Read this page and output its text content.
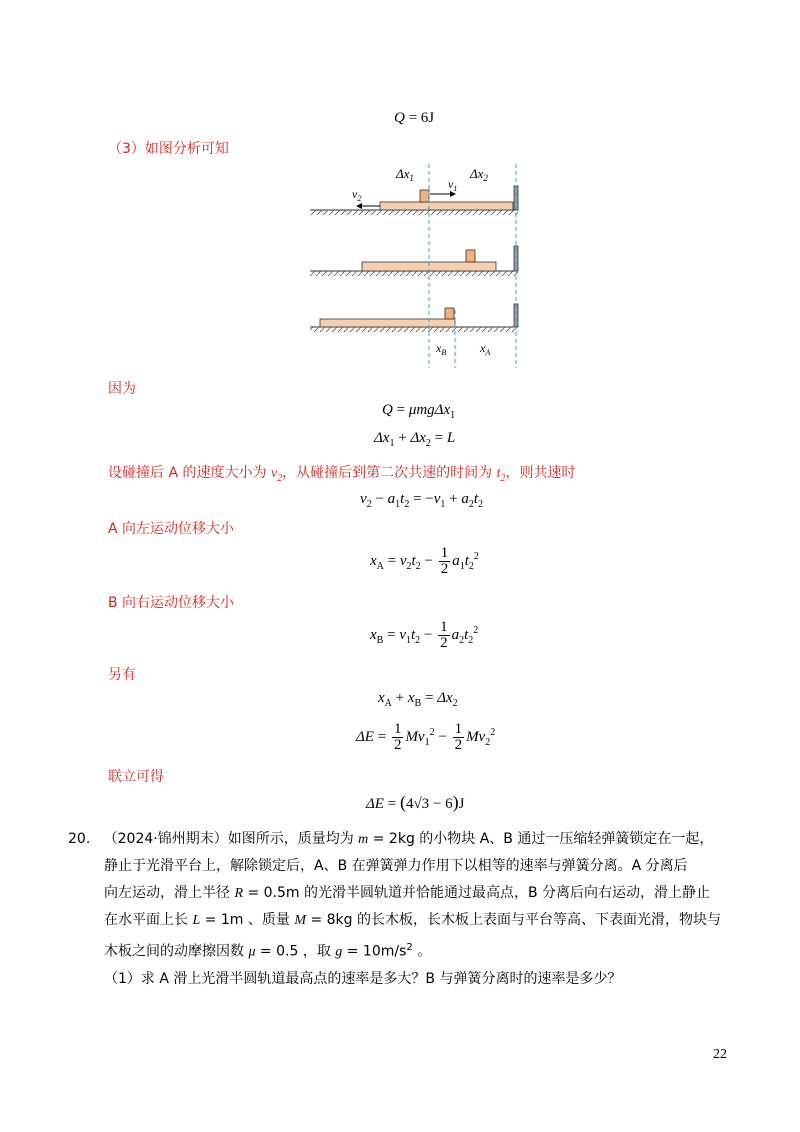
Q = 6J
（3）如图分析可知
$\Delta x_1$	$\Delta x_2$
$v_1$
$v_2$
$x_B$	$x_A$
因为
Q = μmgΔx$_1$
$\Delta x_1 + \Delta x_2 = L$
设碰撞后 A 的速度大小为 $v_2$，从碰撞后到第二次共速的时间为 $t_2$，则共速时
$v_2 - a_1t_2 = -v_1 + a_2t_2$
A 向左运动位移大小
$x_A = v_2t_2 - \frac{1}{2} a_1t_2^2$
B 向右运动位移大小
$x_B = v_1t_2 - \frac{1}{2} a_2t_2^2$
另有
$x_A + x_B = \Delta x_2$
$\Delta E = \frac{1}{2} Mv_1^2 - \frac{1}{2} Mv_2^2$
联立可得
ΔE = (4√3 − 6)J
20. （2024·锦州期末）如图所示，质量均为 m = 2kg 的小物块 A、B 通过一压缩轻弹簧锁定在一起，
静止于光滑平台上，解除锁定后，A、B 在弹簧弹力作用下以相等的速率与弹簧分离。A 分离后
向左运动，滑上半径 R = 0.5m 的光滑半圆轨道并恰能通过最高点，B 分离后向右运动，滑上静止
在水平面上长 L = 1m 、质量 M = 8kg 的长木板，长木板上表面与平台等高、下表面光滑，物块与
木板之间的动摩擦因数 μ = 0.5 ，取 $g = 10m/s^2$ 。
（1）求 A 滑上光滑半圆轨道最高点的速率是多大？B 与弹簧分离时的速率是多少？
22
